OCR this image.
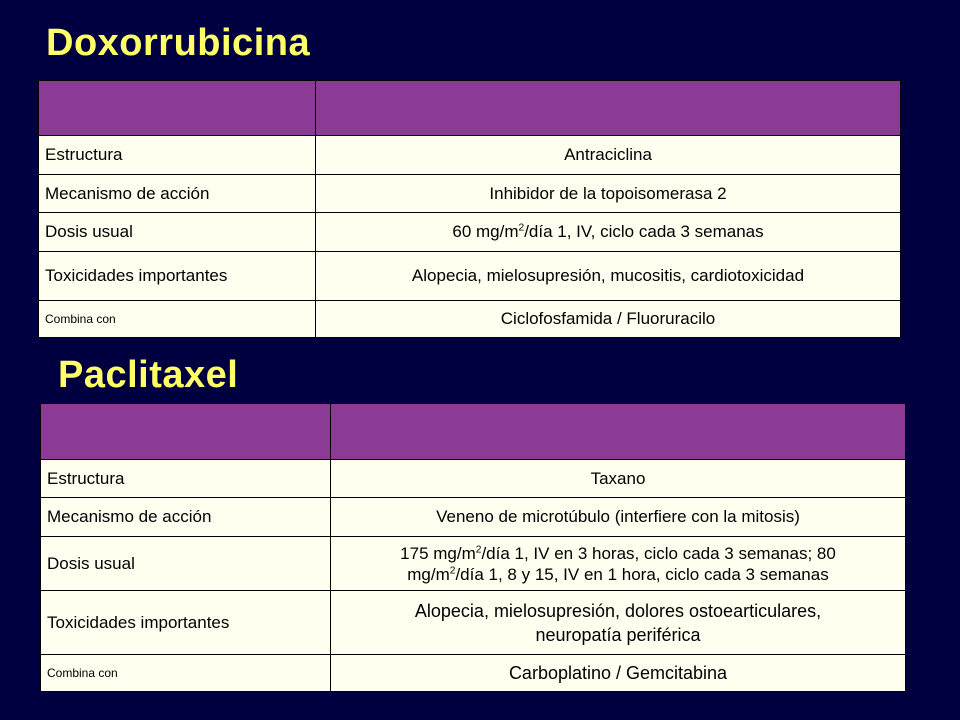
Doxorrubicina

Estructura	Antraciclina
Mecanismo de acción	Inhibidor de la topoisomerasa 2
Dosis usual	60 $mg/m^2$/día 1, IV, ciclo cada 3 semanas
Toxicidades importantes	Alopecia, mielosupresión, mucositis, cardiotoxicidad
Combina con	Ciclofosfamida / Fluoruracilo
Paclitaxel

Estructura	Taxano
Mecanismo de acción	Veneno de microtúbulo (interfiere con la mitosis)
Dosis usual	175 $mg/m^2$/día 1, IV en 3 horas, ciclo cada 3 semanas; 80
$mg/m^2$/día 1, 8 y 15, IV en 1 hora, ciclo cada 3 semanas
Toxicidades importantes	Alopecia, mielosupresión, dolores ostoearticulares,
neuropatía periférica
Combina con	Carboplatino / Gemcitabina
